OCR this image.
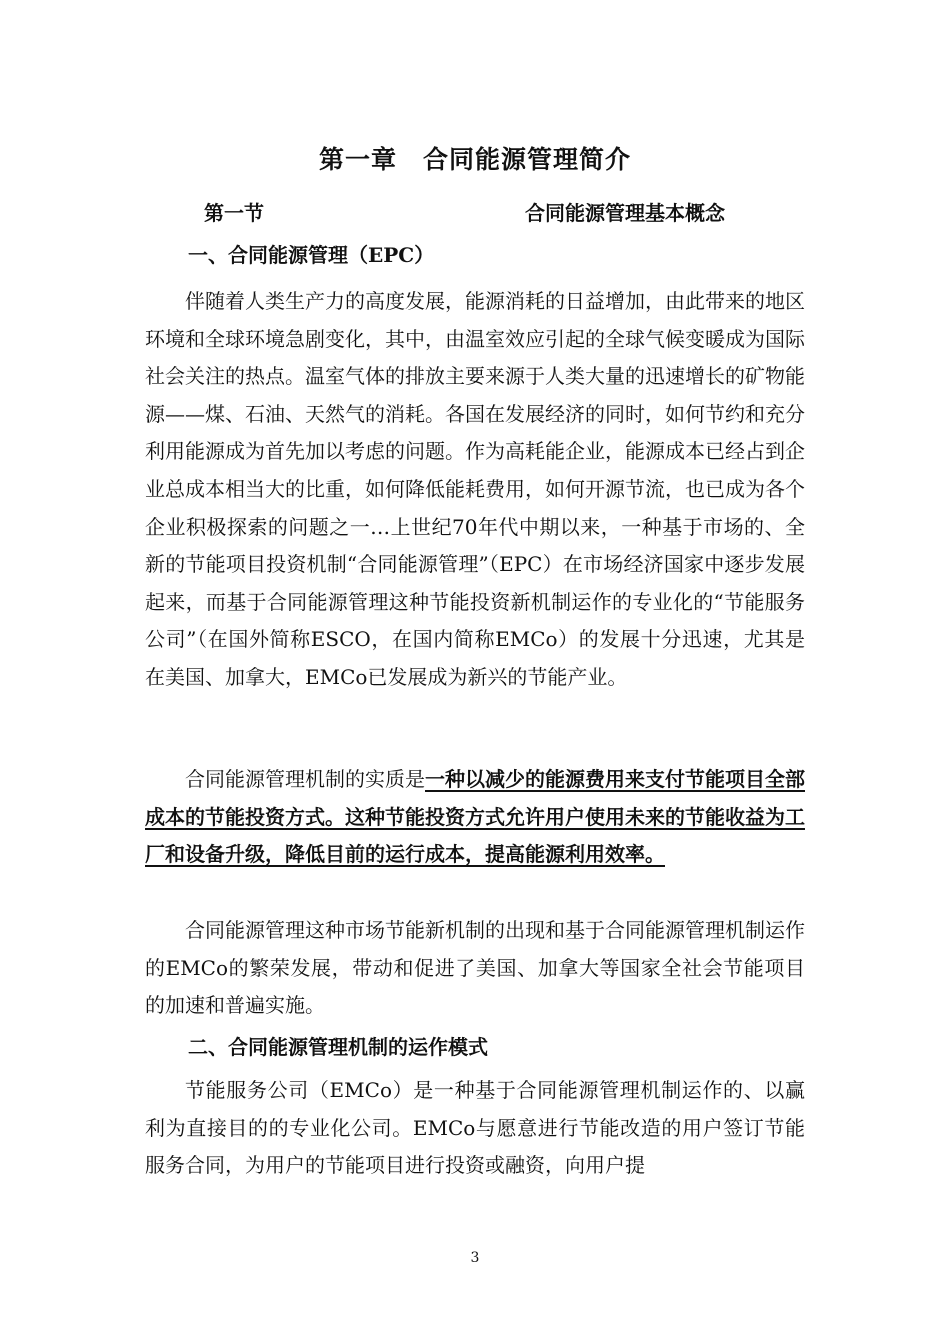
第一章　合同能源管理简介
第一节	合同能源管理基本概念
一、合同能源管理（EPC）

伴随着人类生产力的高度发展，能源消耗的日益增加，由此带来的地区环境和全球环境急剧变化，其中，由温室效应引起的全球气候变暖成为国际社会关注的热点。温室气体的排放主要来源于人类大量的迅速增长的矿物能源——煤、石油、天然气的消耗。各国在发展经济的同时，如何节约和充分利用能源成为首先加以考虑的问题。作为高耗能企业，能源成本已经占到企业总成本相当大的比重，如何降低能耗费用，如何开源节流，也已成为各个企业积极探索的问题之一…上世纪70年代中期以来，一种基于市场的、全新的节能项目投资机制“合同能源管理”（EPC）在市场经济国家中逐步发展起来，而基于合同能源管理这种节能投资新机制运作的专业化的“节能服务公司”（在国外简称ESCO，在国内简称EMCo）的发展十分迅速，尤其是在美国、加拿大，EMCo已发展成为新兴的节能产业。

合同能源管理机制的实质是一种以减少的能源费用来支付节能项目全部成本的节能投资方式。这种节能投资方式允许用户使用未来的节能收益为工厂和设备升级，降低目前的运行成本，提高能源利用效率。

合同能源管理这种市场节能新机制的出现和基于合同能源管理机制运作的EMCo的繁荣发展，带动和促进了美国、加拿大等国家全社会节能项目的加速和普遍实施。

二、合同能源管理机制的运作模式

节能服务公司（EMCo）是一种基于合同能源管理机制运作的、以赢利为直接目的的专业化公司。EMCo与愿意进行节能改造的用户签订节能服务合同，为用户的节能项目进行投资或融资，向用户提

3
